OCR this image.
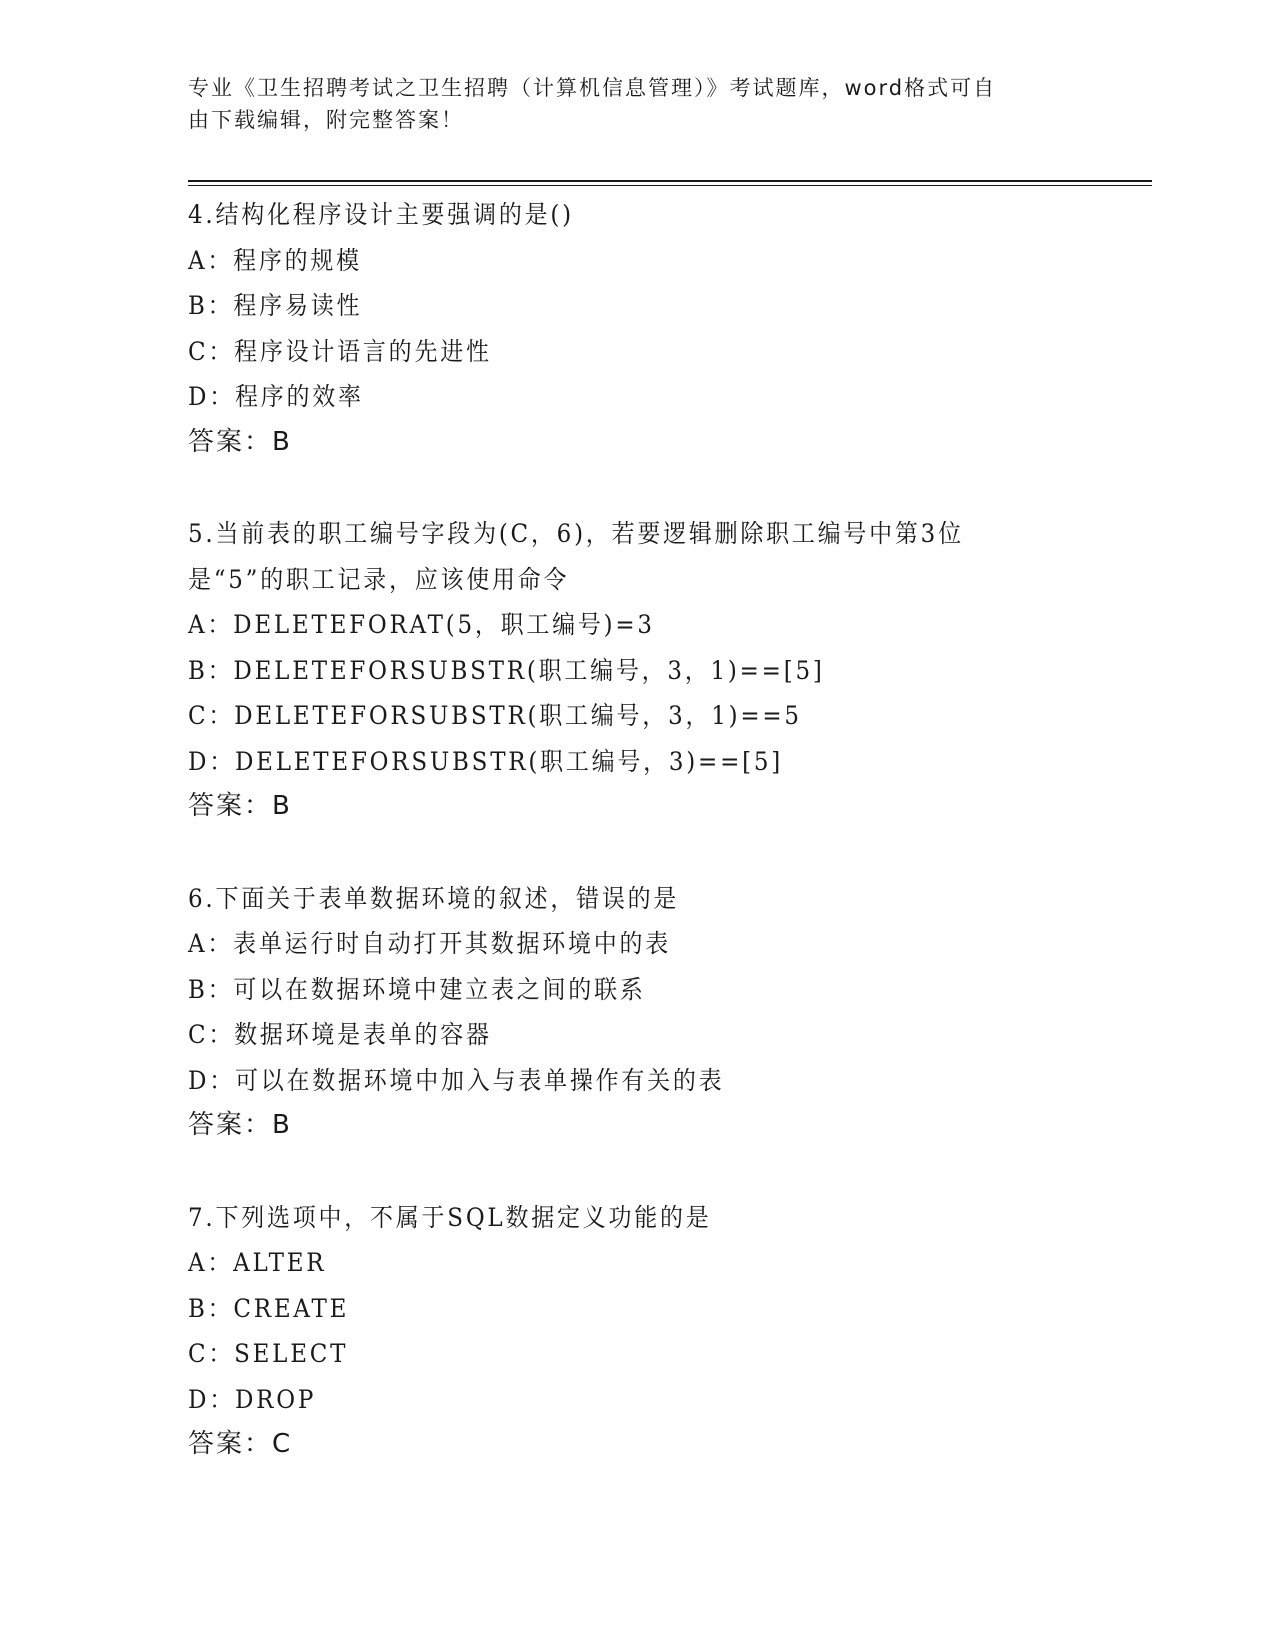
专业《卫生招聘考试之卫生招聘（计算机信息管理）》考试题库，word格式可自
由下载编辑，附完整答案！
4.结构化程序设计主要强调的是()
A：程序的规模
B：程序易读性
C：程序设计语言的先进性
D：程序的效率
答案：B
5.当前表的职工编号字段为(C，6)，若要逻辑删除职工编号中第3位
是“5”的职工记录，应该使用命令
A：DELETEFORAT(5，职工编号)=3
B：DELETEFORSUBSTR(职工编号，3，1)==[5]
C：DELETEFORSUBSTR(职工编号，3，1)==5
D：DELETEFORSUBSTR(职工编号，3)==[5]
答案：B
6.下面关于表单数据环境的叙述，错误的是
A：表单运行时自动打开其数据环境中的表
B：可以在数据环境中建立表之间的联系
C：数据环境是表单的容器
D：可以在数据环境中加入与表单操作有关的表
答案：B
7.下列选项中，不属于SQL数据定义功能的是
A：ALTER
B：CREATE
C：SELECT
D：DROP
答案：C
